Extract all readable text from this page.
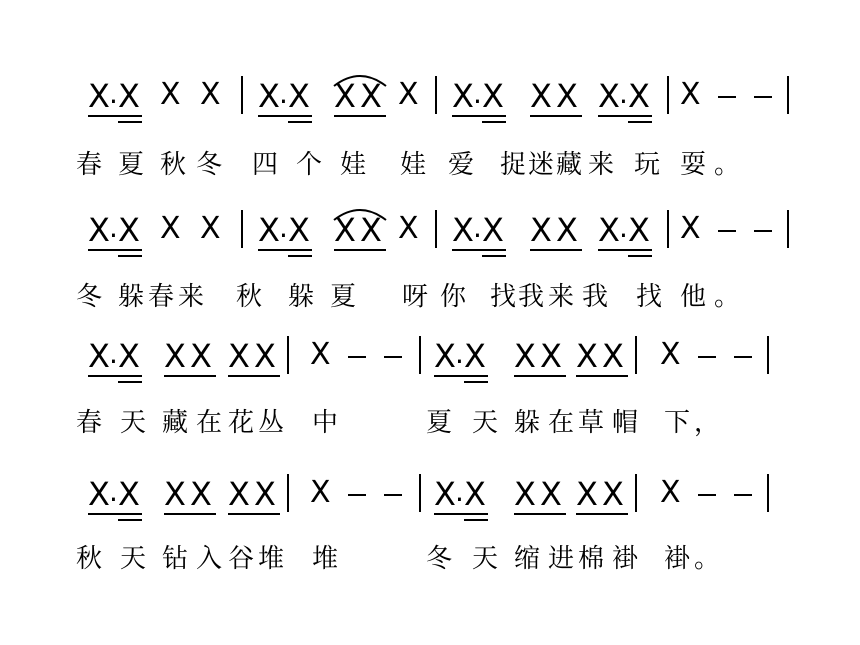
X . X X X X . X X X X X . X X X X . X X
X . X X X X . X X X X X . X X X X . X X
X . X X X X X X	X . X X X X X X
X . X X X X X X	X . X X X X X X
春 夏 秋 冬 四 个 娃 娃 爱 捉 迷 藏 来 玩 耍 。
冬 躲 春 来 秋 躲 夏 呀 你 找 我 来 我 找 他 。
春 天 藏 在 花 丛 中	夏 天 躲 在 草 帽 下 ，
秋 天 钻 入 谷 堆 堆	冬 天 缩 进 棉 褂 褂 。
